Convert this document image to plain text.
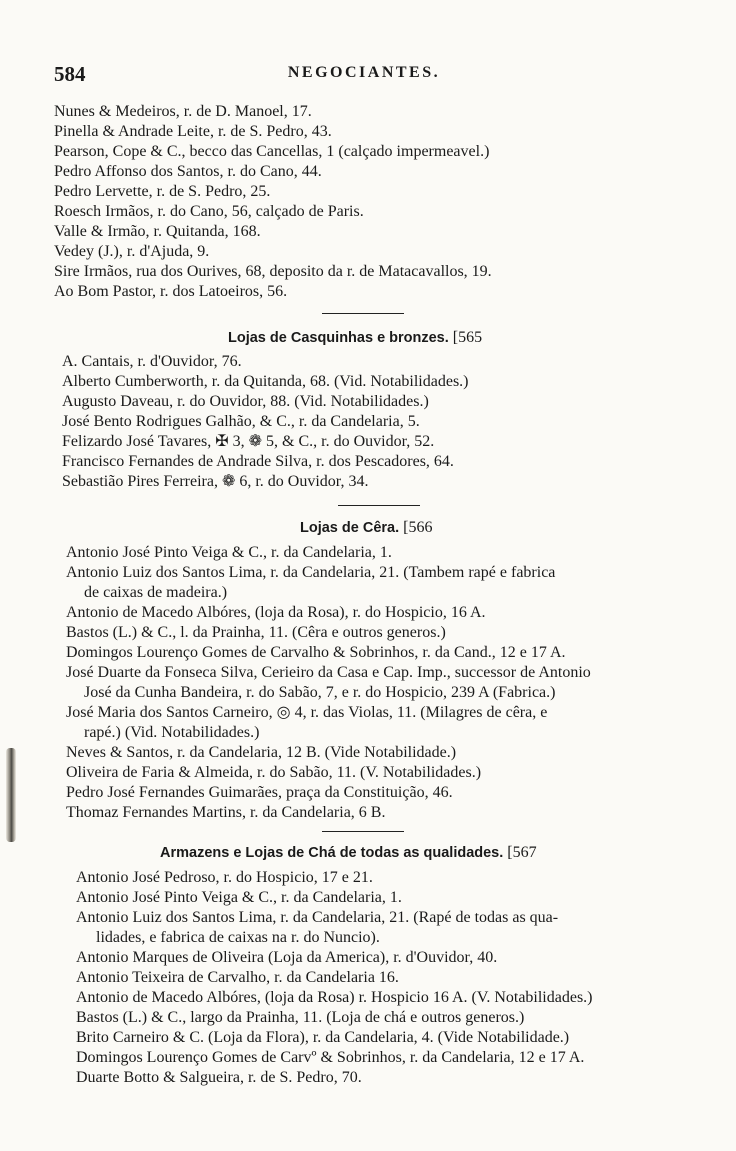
584	NEGOCIANTES.
Nunes & Medeiros, r. de D. Manoel, 17.
Pinella & Andrade Leite, r. de S. Pedro, 43.
Pearson, Cope & C., becco das Cancellas, 1 (calçado impermeavel.)
Pedro Affonso dos Santos, r. do Cano, 44.
Pedro Lervette, r. de S. Pedro, 25.
Roesch Irmãos, r. do Cano, 56, calçado de Paris.
Valle & Irmão, r. Quitanda, 168.
Vedey (J.), r. d'Ajuda, 9.
Sire Irmãos, rua dos Ourives, 68, deposito da r. de Matacavallos, 19.
Ao Bom Pastor, r. dos Latoeiros, 56.
Lojas de Casquinhas e bronzes. [565
A. Cantais, r. d'Ouvidor, 76.
Alberto Cumberworth, r. da Quitanda, 68. (Vid. Notabilidades.)
Augusto Daveau, r. do Ouvidor, 88. (Vid. Notabilidades.)
José Bento Rodrigues Galhão, & C., r. da Candelaria, 5.
Felizardo José Tavares, ✠ 3, ❁ 5, & C., r. do Ouvidor, 52.
Francisco Fernandes de Andrade Silva, r. dos Pescadores, 64.
Sebastião Pires Ferreira, ❁ 6, r. do Ouvidor, 34.
Lojas de Cêra. [566
Antonio José Pinto Veiga & C., r. da Candelaria, 1.
Antonio Luiz dos Santos Lima, r. da Candelaria, 21. (Tambem rapé e fabrica
de caixas de madeira.)
Antonio de Macedo Albóres, (loja da Rosa), r. do Hospicio, 16 A.
Bastos (L.) & C., l. da Prainha, 11. (Cêra e outros generos.)
Domingos Lourenço Gomes de Carvalho & Sobrinhos, r. da Cand., 12 e 17 A.
José Duarte da Fonseca Silva, Cerieiro da Casa e Cap. Imp., successor de Antonio
José da Cunha Bandeira, r. do Sabão, 7, e r. do Hospicio, 239 A (Fabrica.)
José Maria dos Santos Carneiro, ◎ 4, r. das Violas, 11. (Milagres de cêra, e
rapé.) (Vid. Notabilidades.)
Neves & Santos, r. da Candelaria, 12 B. (Vide Notabilidade.)
Oliveira de Faria & Almeida, r. do Sabão, 11. (V. Notabilidades.)
Pedro José Fernandes Guimarães, praça da Constituição, 46.
Thomaz Fernandes Martins, r. da Candelaria, 6 B.
Armazens e Lojas de Chá de todas as qualidades. [567
Antonio José Pedroso, r. do Hospicio, 17 e 21.
Antonio José Pinto Veiga & C., r. da Candelaria, 1.
Antonio Luiz dos Santos Lima, r. da Candelaria, 21. (Rapé de todas as qua-
lidades, e fabrica de caixas na r. do Nuncio).
Antonio Marques de Oliveira (Loja da America), r. d'Ouvidor, 40.
Antonio Teixeira de Carvalho, r. da Candelaria 16.
Antonio de Macedo Albóres, (loja da Rosa) r. Hospicio 16 A. (V. Notabilidades.)
Bastos (L.) & C., largo da Prainha, 11. (Loja de chá e outros generos.)
Brito Carneiro & C. (Loja da Flora), r. da Candelaria, 4. (Vide Notabilidade.)
Domingos Lourenço Gomes de Carvº & Sobrinhos, r. da Candelaria, 12 e 17 A.
Duarte Botto & Salgueira, r. de S. Pedro, 70.
